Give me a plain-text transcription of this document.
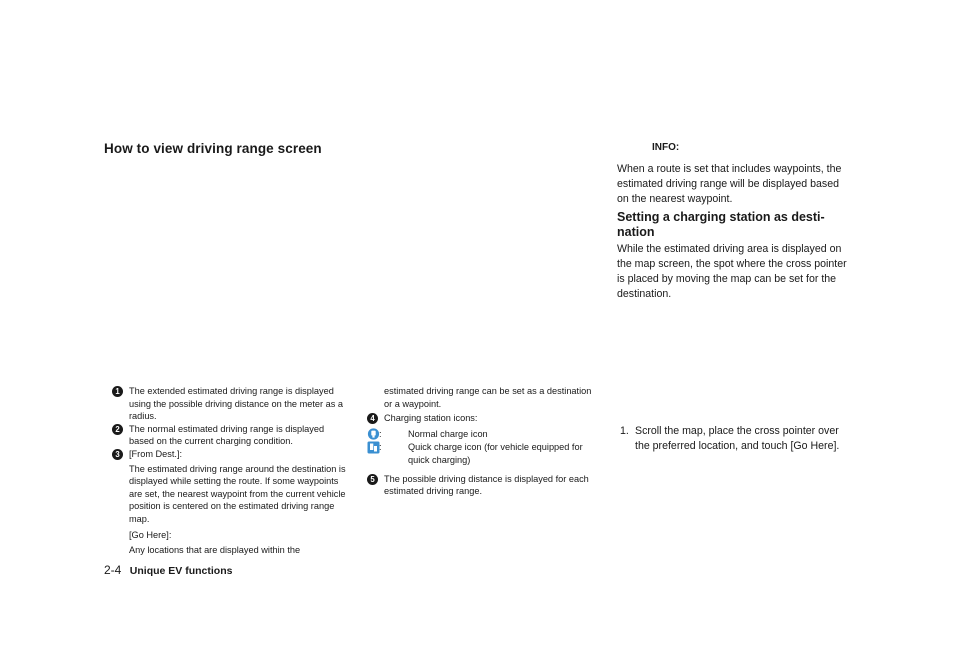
How to view driving range screen
1	The extended estimated driving range is displayed using the possible driving distance on the meter as a radius.
2	The normal estimated driving range is displayed based on the current charging condition.
3	[From Dest.]:
The estimated driving range around the destination is displayed while setting the route. If some waypoints are set, the nearest waypoint from the current vehicle position is centered on the estimated driving range map.
[Go Here]:
Any locations that are displayed within the
estimated driving range can be set as a destination or a waypoint.
4	Charging station icons:
:	Normal charge icon
:	Quick charge icon (for vehicle equipped for quick charging)
5	The possible driving distance is displayed for each estimated driving range.
INFO:
When a route is set that includes waypoints, the estimated driving range will be displayed based on the nearest waypoint.
Setting a charging station as desti-
nation
While the estimated driving area is displayed on the map screen, the spot where the cross pointer is placed by moving the map can be set for the destination.
1. Scroll the map, place the cross pointer over the preferred location, and touch [Go Here].
2-4 Unique EV functions
